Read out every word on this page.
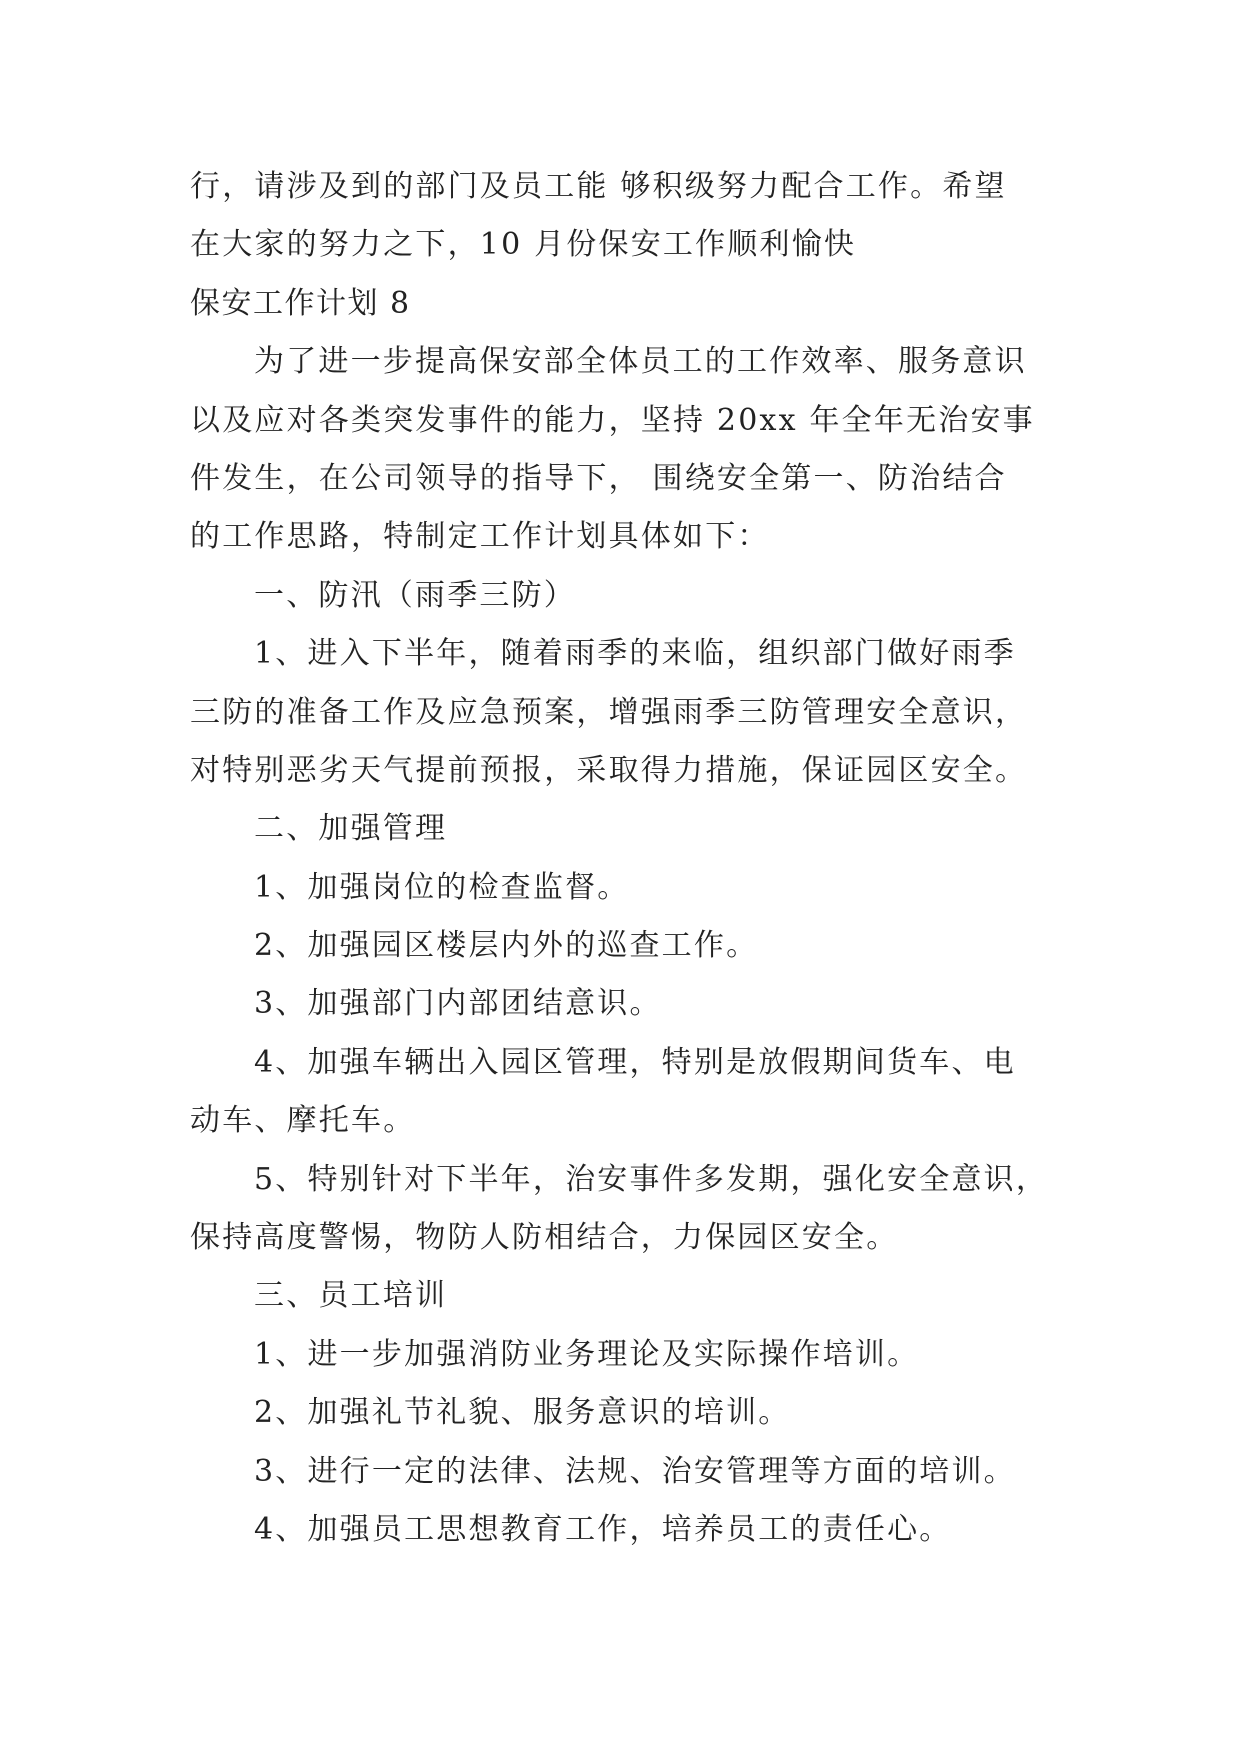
行，请涉及到的部门及员工能 够积级努力配合工作。希望
在大家的努力之下，10 月份保安工作顺利愉快
保安工作计划 8
为了进一步提高保安部全体员工的工作效率、服务意识
以及应对各类突发事件的能力，坚持 20xx 年全年无治安事
件发生，在公司领导的指导下， 围绕安全第一、防治结合
的工作思路，特制定工作计划具体如下：
一、防汛（雨季三防）
1、进入下半年，随着雨季的来临，组织部门做好雨季
三防的准备工作及应急预案，增强雨季三防管理安全意识，
对特别恶劣天气提前预报，采取得力措施，保证园区安全。
二、加强管理
1、加强岗位的检查监督。
2、加强园区楼层内外的巡查工作。
3、加强部门内部团结意识。
4、加强车辆出入园区管理，特别是放假期间货车、电
动车、摩托车。
5、特别针对下半年，治安事件多发期，强化安全意识，
保持高度警惕，物防人防相结合，力保园区安全。
三、员工培训
1、进一步加强消防业务理论及实际操作培训。
2、加强礼节礼貌、服务意识的培训。
3、进行一定的法律、法规、治安管理等方面的培训。
4、加强员工思想教育工作，培养员工的责任心。
